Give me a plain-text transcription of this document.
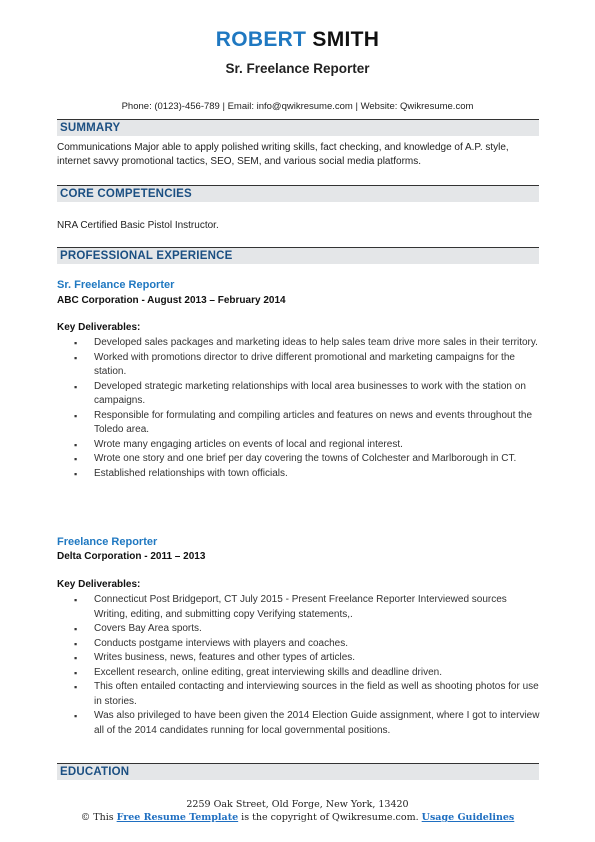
ROBERT SMITH
Sr. Freelance Reporter
Phone: (0123)-456-789 | Email: info@qwikresume.com | Website: Qwikresume.com
SUMMARY
Communications Major able to apply polished writing skills, fact checking, and knowledge of A.P. style, internet savvy promotional tactics, SEO, SEM, and various social media platforms.
CORE COMPETENCIES
NRA Certified Basic Pistol Instructor.
PROFESSIONAL EXPERIENCE
Sr. Freelance Reporter
ABC Corporation - August 2013 – February 2014
Key Deliverables:
▪ Developed sales packages and marketing ideas to help sales team drive more sales in their territory.
▪ Worked with promotions director to drive different promotional and marketing campaigns for the station.
▪ Developed strategic marketing relationships with local area businesses to work with the station on campaigns.
▪ Responsible for formulating and compiling articles and features on news and events throughout the Toledo area.
▪ Wrote many engaging articles on events of local and regional interest.
▪ Wrote one story and one brief per day covering the towns of Colchester and Marlborough in CT.
▪ Established relationships with town officials.
Freelance Reporter
Delta Corporation - 2011 – 2013
Key Deliverables:
▪ Connecticut Post Bridgeport, CT July 2015 - Present Freelance Reporter Interviewed sources Writing, editing, and submitting copy Verifying statements,.
▪ Covers Bay Area sports.
▪ Conducts postgame interviews with players and coaches.
▪ Writes business, news, features and other types of articles.
▪ Excellent research, online editing, great interviewing skills and deadline driven.
▪ This often entailed contacting and interviewing sources in the field as well as shooting photos for use in stories.
▪ Was also privileged to have been given the 2014 Election Guide assignment, where I got to interview all of the 2014 candidates running for local governmental positions.
EDUCATION
2259 Oak Street, Old Forge, New York, 13420
© This Free Resume Template is the copyright of Qwikresume.com. Usage Guidelines
